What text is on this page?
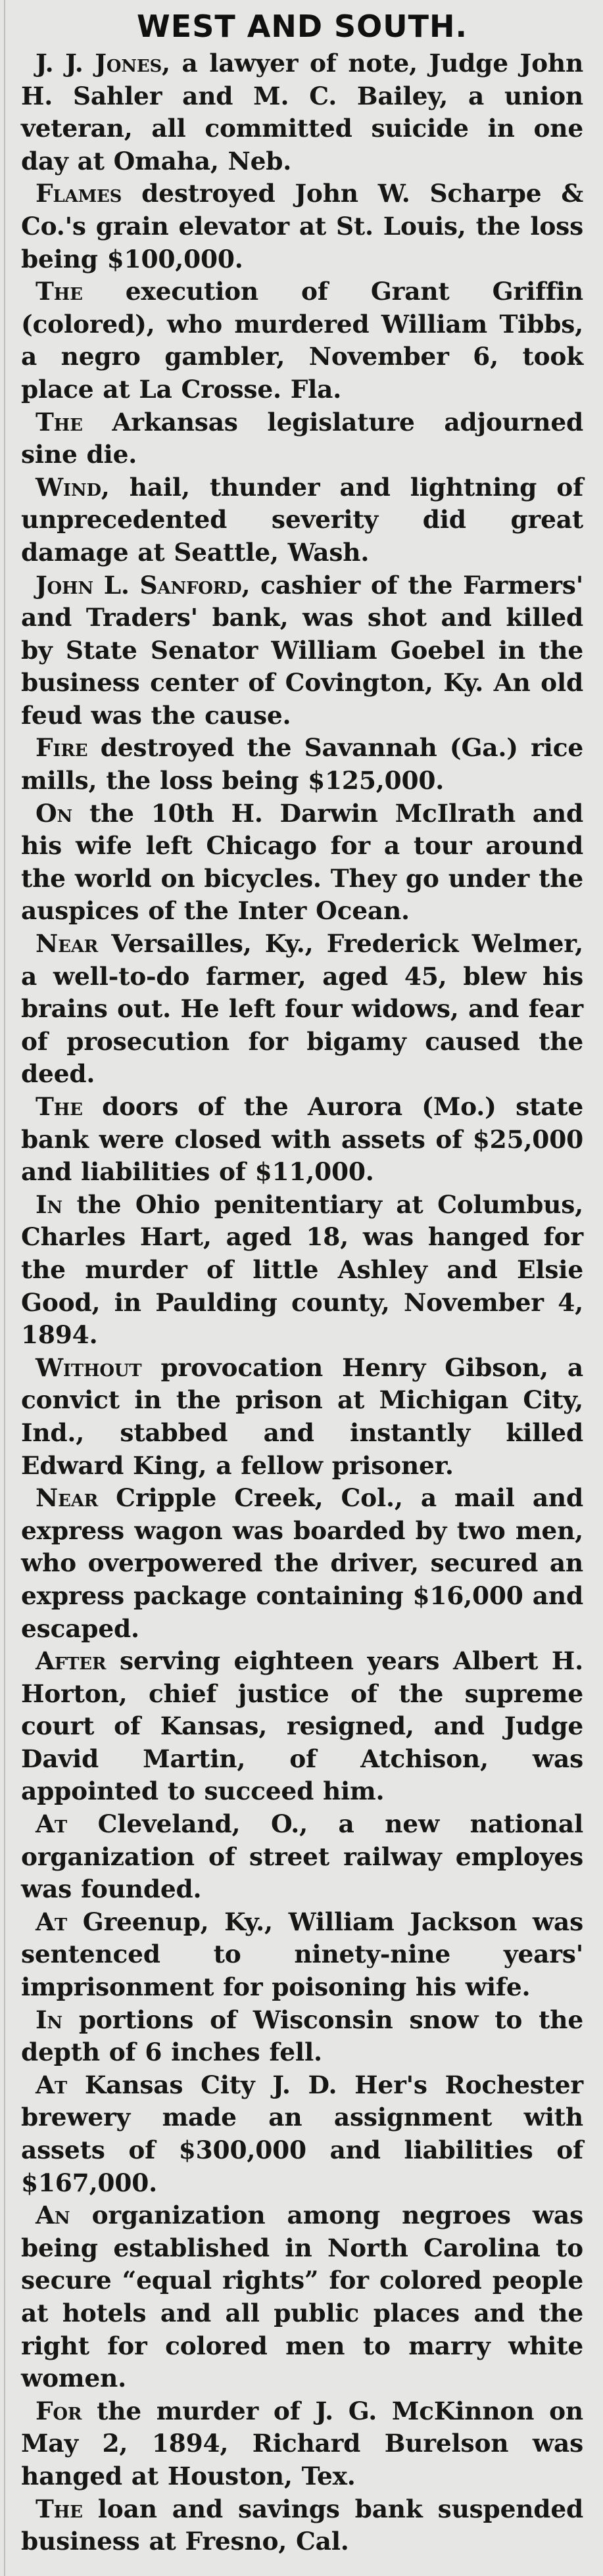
WEST AND SOUTH.

J. J. Jones, a lawyer of note, Judge John H. Sahler and M. C. Bailey, a union veteran, all committed suicide in one day at Omaha, Neb.

Flames destroyed John W. Scharpe & Co.'s grain elevator at St. Louis, the loss being $100,000.

The execution of Grant Griffin (colored), who murdered William Tibbs, a negro gambler, November 6, took place at La Crosse. Fla.

The Arkansas legislature adjourned sine die.

Wind, hail, thunder and lightning of unprecedented severity did great damage at Seattle, Wash.

John L. Sanford, cashier of the Farmers' and Traders' bank, was shot and killed by State Senator William Goebel in the business center of Covington, Ky. An old feud was the cause.

Fire destroyed the Savannah (Ga.) rice mills, the loss being $125,000.

On the 10th H. Darwin McIlrath and his wife left Chicago for a tour around the world on bicycles. They go under the auspices of the Inter Ocean.

Near Versailles, Ky., Frederick Welmer, a well-to-do farmer, aged 45, blew his brains out. He left four widows, and fear of prosecution for bigamy caused the deed.

The doors of the Aurora (Mo.) state bank were closed with assets of $25,000 and liabilities of $11,000.

In the Ohio penitentiary at Columbus, Charles Hart, aged 18, was hanged for the murder of little Ashley and Elsie Good, in Paulding county, November 4, 1894.

Without provocation Henry Gibson, a convict in the prison at Michigan City, Ind., stabbed and instantly killed Edward King, a fellow prisoner.

Near Cripple Creek, Col., a mail and express wagon was boarded by two men, who overpowered the driver, secured an express package containing $16,000 and escaped.

After serving eighteen years Albert H. Horton, chief justice of the supreme court of Kansas, resigned, and Judge David Martin, of Atchison, was appointed to succeed him.

At Cleveland, O., a new national organization of street railway employes was founded.

At Greenup, Ky., William Jackson was sentenced to ninety-nine years' imprisonment for poisoning his wife.

In portions of Wisconsin snow to the depth of 6 inches fell.

At Kansas City J. D. Her's Rochester brewery made an assignment with assets of $300,000 and liabilities of $167,000.

An organization among negroes was being established in North Carolina to secure “equal rights” for colored people at hotels and all public places and the right for colored men to marry white women.

For the murder of J. G. McKinnon on May 2, 1894, Richard Burelson was hanged at Houston, Tex.

The loan and savings bank suspended business at Fresno, Cal.
